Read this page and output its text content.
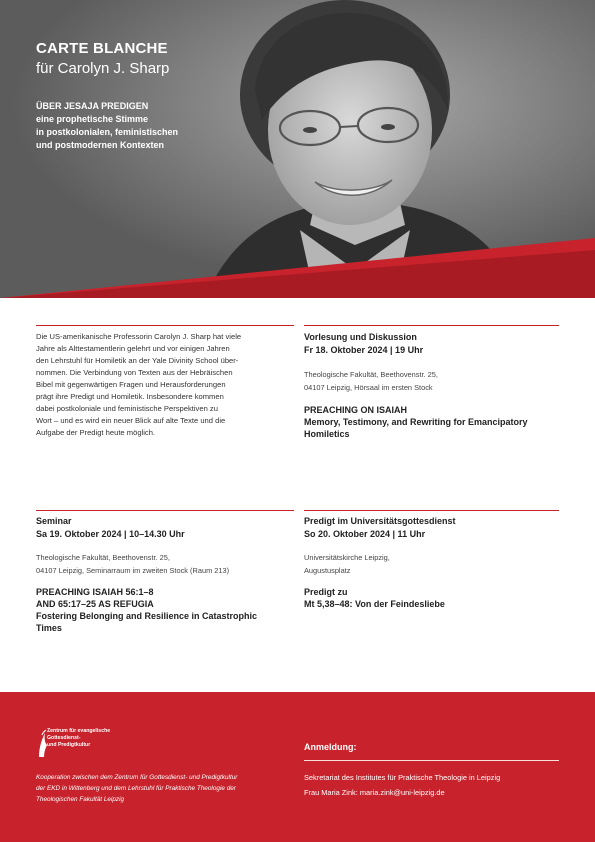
CARTE BLANCHE
für Carolyn J. Sharp
ÜBER JESAJA PREDIGEN
eine prophetische Stimme
in postkolonialen, feministischen
und postmodernen Kontexten
Die US-amerikanische Professorin Carolyn J. Sharp hat viele
Jahre als Alttestamentlerin gelehrt und vor einigen Jahren
den Lehrstuhl für Homiletik an der Yale Divinity School über-
nommen. Die Verbindung von Texten aus der Hebräischen
Bibel mit gegenwärtigen Fragen und Herausforderungen
prägt ihre Predigt und Homiletik. Insbesondere kommen
dabei postkoloniale und feministische Perspektiven zu
Wort – und es wird ein neuer Blick auf alte Texte und die
Aufgabe der Predigt heute möglich.
Vorlesung und Diskussion
Fr 18. Oktober 2024 | 19 Uhr
Theologische Fakultät, Beethovenstr. 25,
04107 Leipzig, Hörsaal im ersten Stock
PREACHING ON ISAIAH
Memory, Testimony, and Rewriting for Emancipatory
Homiletics
Seminar
Sa 19. Oktober 2024 | 10–14.30 Uhr
Theologische Fakultät, Beethovenstr. 25,
04107 Leipzig, Seminarraum im zweiten Stock (Raum 213)
PREACHING ISAIAH 56:1–8
AND 65:17–25 AS REFUGIA
Fostering Belonging and Resilience in Catastrophic
Times
Predigt im Universitätsgottesdienst
So 20. Oktober 2024 | 11 Uhr
Universitätskirche Leipzig,
Augustusplatz
Predigt zu
Mt 5,38–48: Von der Feindesliebe
Zentrum für evangelische
Gottesdienst-
und Predigtkultur
Kooperation zwischen dem Zentrum für Gottesdienst- und Predigtkultur
der EKD in Wittenberg und dem Lehrstuhl für Praktische Theologie der
Theologischen Fakultät Leipzig
Anmeldung:
Sekretariat des Institutes für Praktische Theologie in Leipzig
Frau Maria Zink: maria.zink@uni-leipzig.de
